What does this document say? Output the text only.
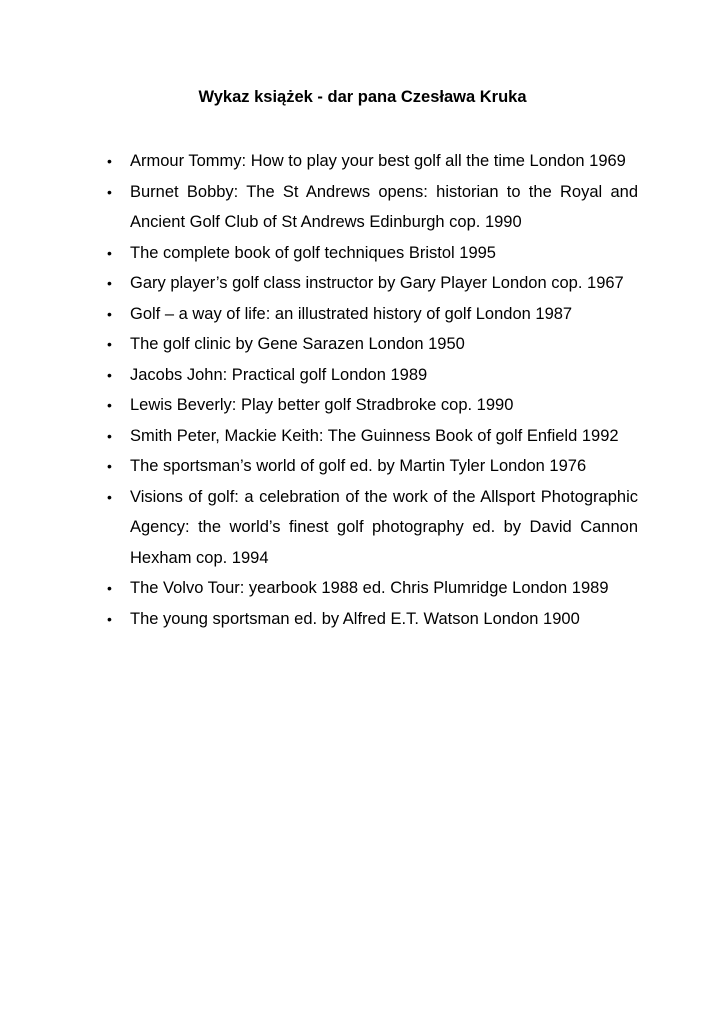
Wykaz książek - dar pana Czesława Kruka
• Armour Tommy: How to play your best golf all the time London 1969
• Burnet Bobby: The St Andrews opens: historian to the Royal and Ancient Golf Club of St Andrews Edinburgh cop. 1990
• The complete book of golf techniques Bristol 1995
• Gary player’s golf class instructor by Gary Player London cop. 1967
• Golf – a way of life: an illustrated history of golf London 1987
• The golf clinic by Gene Sarazen London 1950
• Jacobs John: Practical golf London 1989
• Lewis Beverly: Play better golf Stradbroke cop. 1990
• Smith Peter, Mackie Keith: The Guinness Book of golf Enfield 1992
• The sportsman’s world of golf ed. by Martin Tyler London 1976
• Visions of golf: a celebration of the work of the Allsport Photographic Agency: the world’s finest golf photography ed. by David Cannon Hexham cop. 1994
• The Volvo Tour: yearbook 1988 ed. Chris Plumridge London 1989
• The young sportsman ed. by Alfred E.T. Watson London 1900
